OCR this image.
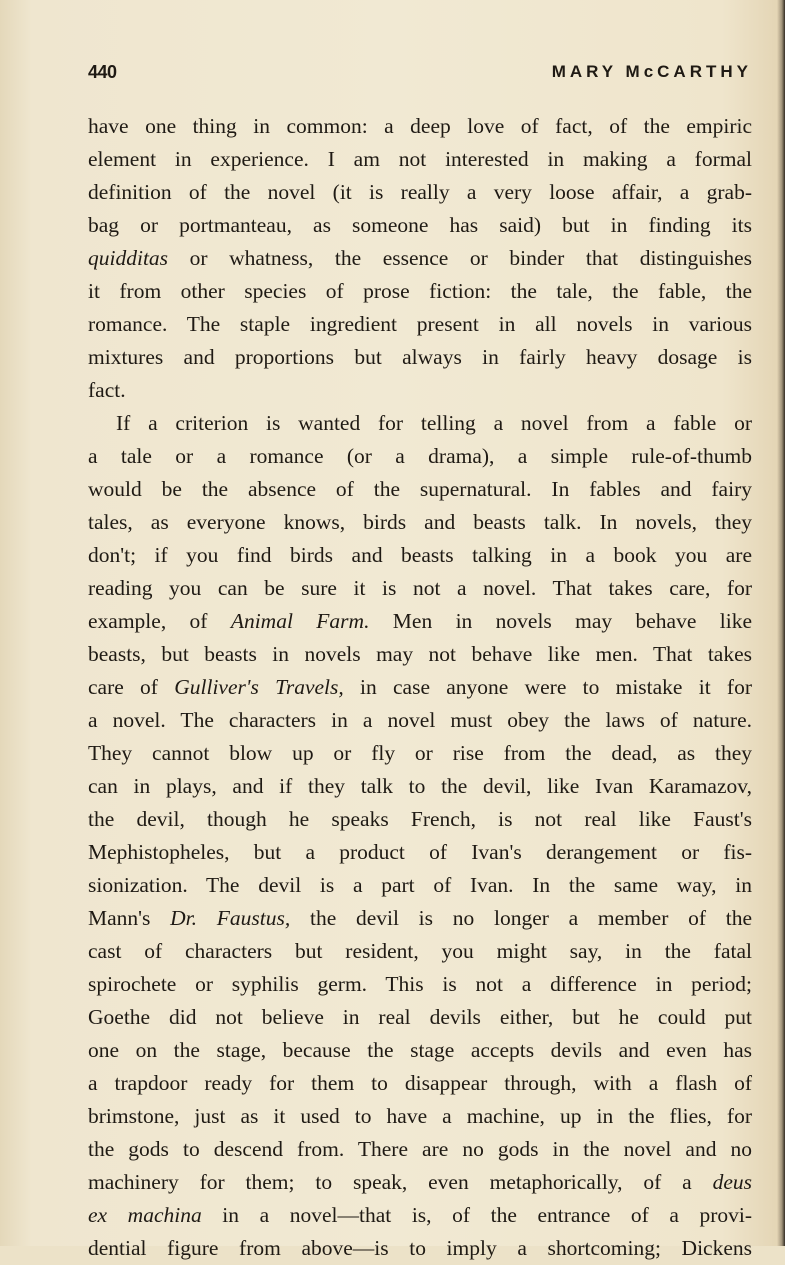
440	MARY McCARTHY
have one thing in common: a deep love of fact, of the empiric
element in experience. I am not interested in making a formal
definition of the novel (it is really a very loose affair, a grab-
bag or portmanteau, as someone has said) but in finding its
quidditas or whatness, the essence or binder that distinguishes
it from other species of prose fiction: the tale, the fable, the
romance. The staple ingredient present in all novels in various
mixtures and proportions but always in fairly heavy dosage is
fact.
If a criterion is wanted for telling a novel from a fable or
a tale or a romance (or a drama), a simple rule-of-thumb
would be the absence of the supernatural. In fables and fairy
tales, as everyone knows, birds and beasts talk. In novels, they
don't; if you find birds and beasts talking in a book you are
reading you can be sure it is not a novel. That takes care, for
example, of Animal Farm. Men in novels may behave like
beasts, but beasts in novels may not behave like men. That takes
care of Gulliver's Travels, in case anyone were to mistake it for
a novel. The characters in a novel must obey the laws of nature.
They cannot blow up or fly or rise from the dead, as they
can in plays, and if they talk to the devil, like Ivan Karamazov,
the devil, though he speaks French, is not real like Faust's
Mephistopheles, but a product of Ivan's derangement or fis-
sionization. The devil is a part of Ivan. In the same way, in
Mann's Dr. Faustus, the devil is no longer a member of the
cast of characters but resident, you might say, in the fatal
spirochete or syphilis germ. This is not a difference in period;
Goethe did not believe in real devils either, but he could put
one on the stage, because the stage accepts devils and even has
a trapdoor ready for them to disappear through, with a flash of
brimstone, just as it used to have a machine, up in the flies, for
the gods to descend from. There are no gods in the novel and no
machinery for them; to speak, even metaphorically, of a deus
ex machina in a novel—that is, of the entrance of a provi-
dential figure from above—is to imply a shortcoming; Dickens
